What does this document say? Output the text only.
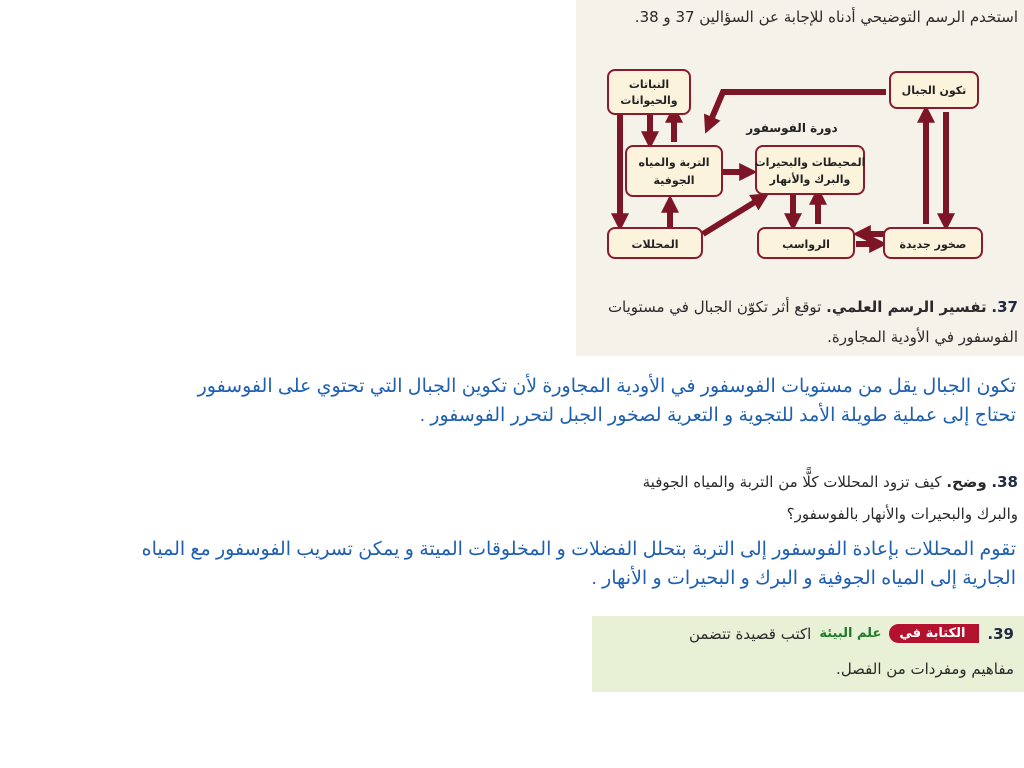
استخدم الرسم التوضيحي أدناه للإجابة عن السؤالين 37 و 38.
النباتات
والحيوانات
تكون الجبال
دورة الفوسفور
التربة والمياه
الجوفية
المحيطات والبحيرات
والبرك والأنهار
المحللات	الرواسب	صخور جديدة
37. تفسير الرسم العلمي. توقع أثر تكوّن الجبال في مستويات
الفوسفور في الأودية المجاورة.
تكون الجبال يقل من مستويات الفوسفور في الأودية المجاورة لأن تكوين الجبال التي تحتوي على الفوسفور
تحتاج إلى عملية طويلة الأمد للتجوية و التعرية لصخور الجبل لتحرر الفوسفور .
38. وضح. كيف تزود المحللات كلًّا من التربة والمياه الجوفية
والبرك والبحيرات والأنهار بالفوسفور؟
تقوم المحللات بإعادة الفوسفور إلى التربة بتحلل الفضلات و المخلوقات الميتة و يمكن تسريب الفوسفور مع المياه
الجارية إلى المياه الجوفية و البرك و البحيرات و الأنهار .
39.
الكتابة في
علم البيئة
اكتب قصيدة تتضمن
مفاهيم ومفردات من الفصل.
